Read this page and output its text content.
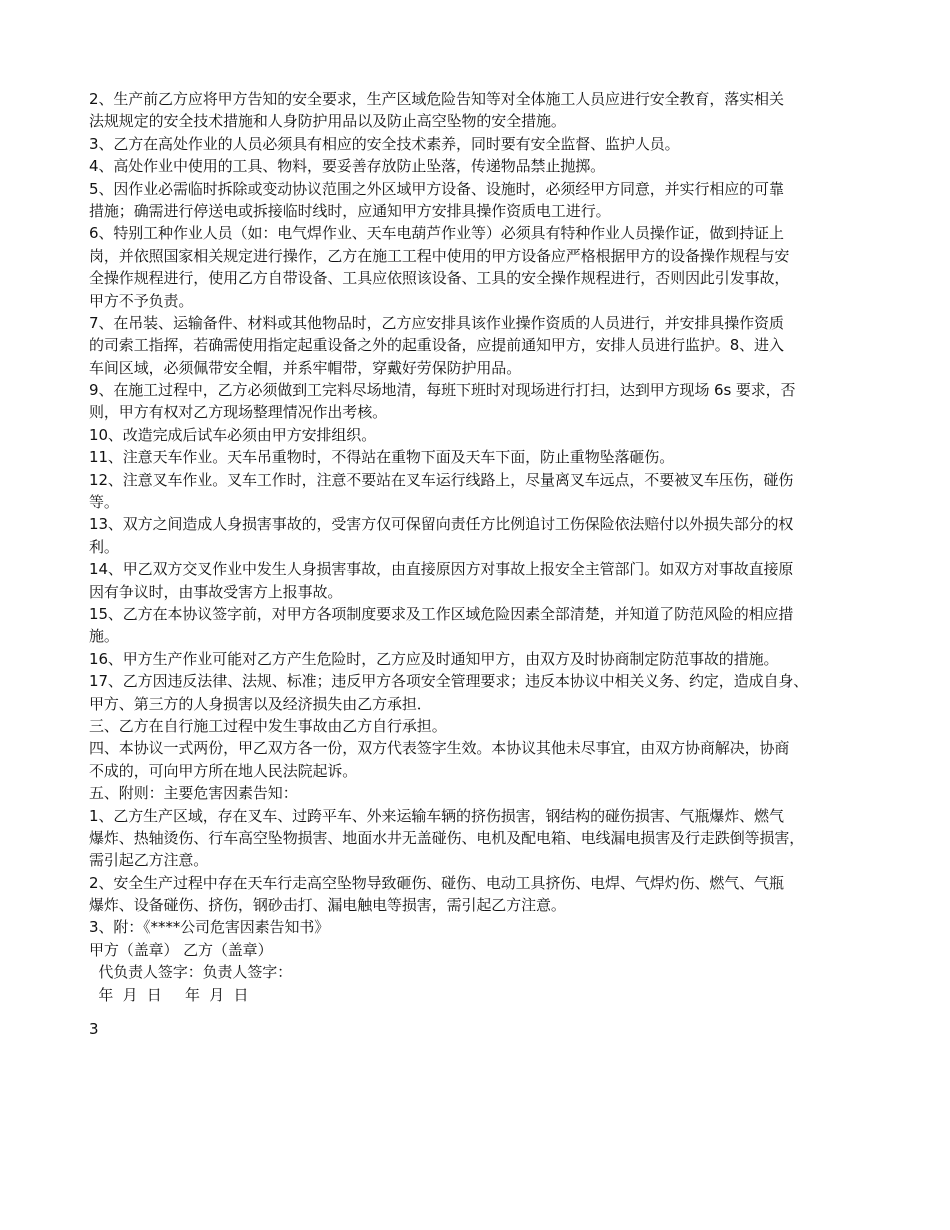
2、生产前乙方应将甲方告知的安全要求，生产区域危险告知等对全体施工人员应进行安全教育，落实相关
法规规定的安全技术措施和人身防护用品以及防止高空坠物的安全措施。
3、乙方在高处作业的人员必须具有相应的安全技术素养，同时要有安全监督、监护人员。
4、高处作业中使用的工具、物料，要妥善存放防止坠落，传递物品禁止抛掷。
5、因作业必需临时拆除或变动协议范围之外区域甲方设备、设施时，必须经甲方同意，并实行相应的可靠
措施；确需进行停送电或拆接临时线时，应通知甲方安排具操作资质电工进行。
6、特别工种作业人员（如：电气焊作业、天车电葫芦作业等）必须具有特种作业人员操作证，做到持证上
岗，并依照国家相关规定进行操作，乙方在施工工程中使用的甲方设备应严格根据甲方的设备操作规程与安
全操作规程进行，使用乙方自带设备、工具应依照该设备、工具的安全操作规程进行，否则因此引发事故，
甲方不予负责。
7、在吊装、运输备件、材料或其他物品时，乙方应安排具该作业操作资质的人员进行，并安排具操作资质
的司索工指挥，若确需使用指定起重设备之外的起重设备，应提前通知甲方，安排人员进行监护。8、进入
车间区域，必须佩带安全帽，并系牢帽带，穿戴好劳保防护用品。
9、在施工过程中，乙方必须做到工完料尽场地清，每班下班时对现场进行打扫，达到甲方现场 6s 要求，否
则，甲方有权对乙方现场整理情况作出考核。
10、改造完成后试车必须由甲方安排组织。
11、注意天车作业。天车吊重物时，不得站在重物下面及天车下面，防止重物坠落砸伤。
12、注意叉车作业。叉车工作时，注意不要站在叉车运行线路上，尽量离叉车远点，不要被叉车压伤，碰伤
等。
13、双方之间造成人身损害事故的，受害方仅可保留向责任方比例追讨工伤保险依法赔付以外损失部分的权
利。
14、甲乙双方交叉作业中发生人身损害事故，由直接原因方对事故上报安全主管部门。如双方对事故直接原
因有争议时，由事故受害方上报事故。
15、乙方在本协议签字前，对甲方各项制度要求及工作区域危险因素全部清楚，并知道了防范风险的相应措
施。
16、甲方生产作业可能对乙方产生危险时，乙方应及时通知甲方，由双方及时协商制定防范事故的措施。
17、乙方因违反法律、法规、标准；违反甲方各项安全管理要求；违反本协议中相关义务、约定，造成自身、
甲方、第三方的人身损害以及经济损失由乙方承担．
三、乙方在自行施工过程中发生事故由乙方自行承担。
四、本协议一式两份，甲乙双方各一份，双方代表签字生效。本协议其他未尽事宜，由双方协商解决，协商
不成的，可向甲方所在地人民法院起诉。
五、附则：主要危害因素告知：
1、乙方生产区域，存在叉车、过跨平车、外来运输车辆的挤伤损害，钢结构的碰伤损害、气瓶爆炸、燃气
爆炸、热轴烫伤、行车高空坠物损害、地面水井无盖碰伤、电机及配电箱、电线漏电损害及行走跌倒等损害，
需引起乙方注意。
2、安全生产过程中存在天车行走高空坠物导致砸伤、碰伤、电动工具挤伤、电焊、气焊灼伤、燃气、气瓶
爆炸、设备碰伤、挤伤，钢砂击打、漏电触电等损害，需引起乙方注意。
3、附：《****公司危害因素告知书》
甲方（盖章） 乙方（盖章）
代负责人签字：负责人签字：
年  月  日     年  月  日
3
